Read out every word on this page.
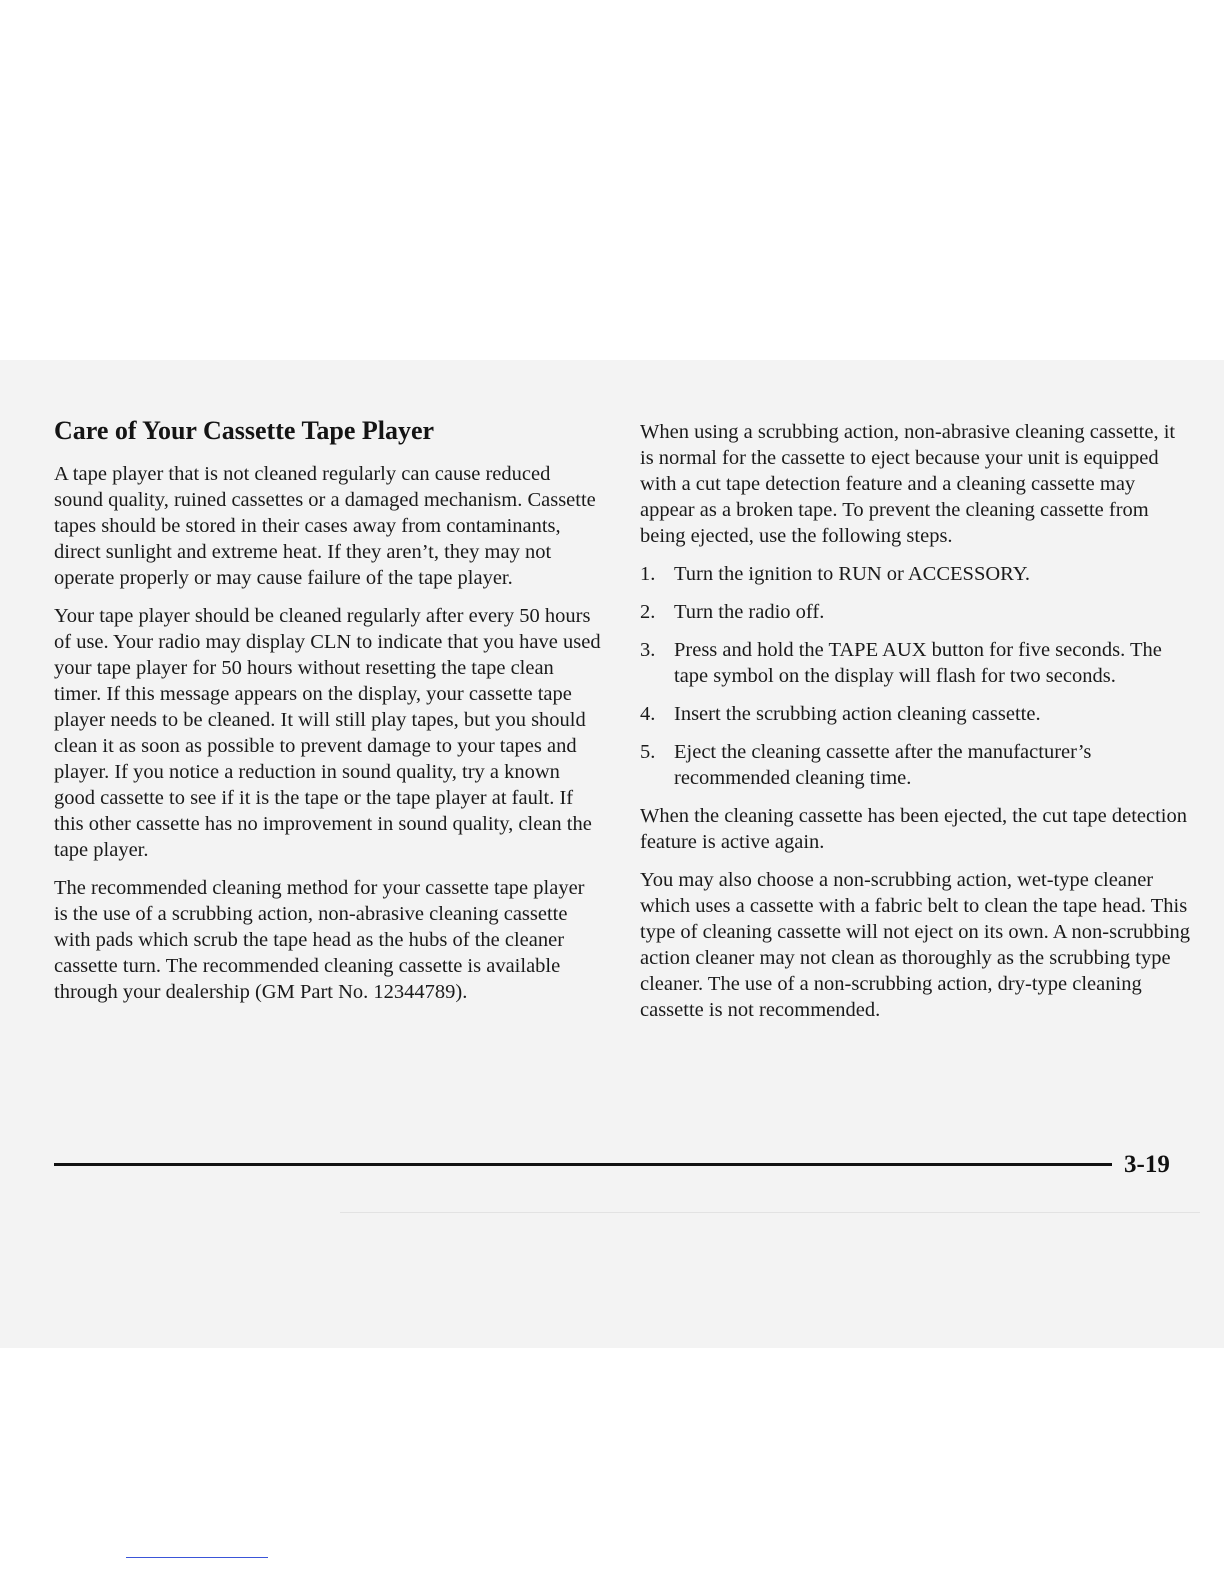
Care of Your Cassette Tape Player

A tape player that is not cleaned regularly can cause reduced sound quality, ruined cassettes or a damaged mechanism. Cassette tapes should be stored in their cases away from contaminants, direct sunlight and extreme heat. If they aren’t, they may not operate properly or may cause failure of the tape player.

Your tape player should be cleaned regularly after every 50 hours of use. Your radio may display CLN to indicate that you have used your tape player for 50 hours without resetting the tape clean timer. If this message appears on the display, your cassette tape player needs to be cleaned. It will still play tapes, but you should clean it as soon as possible to prevent damage to your tapes and player. If you notice a reduction in sound quality, try a known good cassette to see if it is the tape or the tape player at fault. If this other cassette has no improvement in sound quality, clean the tape player.

The recommended cleaning method for your cassette tape player is the use of a scrubbing action, non-abrasive cleaning cassette with pads which scrub the tape head as the hubs of the cleaner cassette turn. The recommended cleaning cassette is available through your dealership (GM Part No. 12344789).

When using a scrubbing action, non-abrasive cleaning cassette, it is normal for the cassette to eject because your unit is equipped with a cut tape detection feature and a cleaning cassette may appear as a broken tape. To prevent the cleaning cassette from being ejected, use the following steps.

1. Turn the ignition to RUN or ACCESSORY.
2. Turn the radio off.
3. Press and hold the TAPE AUX button for five seconds. The tape symbol on the display will flash for two seconds.
4. Insert the scrubbing action cleaning cassette.
5. Eject the cleaning cassette after the manufacturer’s recommended cleaning time.

When the cleaning cassette has been ejected, the cut tape detection feature is active again.

You may also choose a non-scrubbing action, wet-type cleaner which uses a cassette with a fabric belt to clean the tape head. This type of cleaning cassette will not eject on its own. A non-scrubbing action cleaner may not clean as thoroughly as the scrubbing type cleaner. The use of a non-scrubbing action, dry-type cleaning cassette is not recommended.

3-19
